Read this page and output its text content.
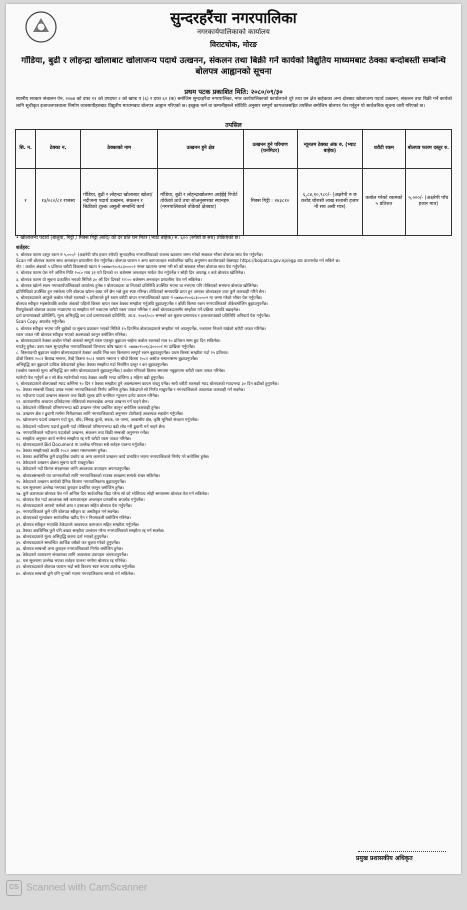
सुन्दरहरैंचा नगरपालिका
नगरकार्यपालिकाको कार्यालय
विराटचोक, मोरङ
गाँडिया, बुढी र लोहन्द्रा खोलाबाट खोलाजन्य पदार्थ उत्खनन, संकलन तथा बिक्री गर्ने कार्यको विद्युतिय माध्यमबाट ठेक्का बन्दोबस्ती सम्बन्धि बोलपत्र आह्वानको सूचना
प्रथम पटक प्रकाशित मिति: २०८०/०९/३०
स्थानीय सरकार संचालन ऐन, २०७४ को दफा ११ को उपदफा २ को खण्ड प (६) र दफा ६२ (क) बमोजिम सुन्दरहरैंचा नगरपालिका, नगर कार्यपालिकाको कार्यालयले धुरे तथा वन क्षेत्र बाहेकका अन्य क्षेत्रबाट खोलाजन्य पदार्थ उत्खनन, संकलन तथा बिक्री गर्ने कार्यको लागि सूचीकृत इजाजतपत्रवाला निर्माण व्यवसायीहरुबाट विद्युतीय माध्यमबाट बोलपत्र आह्वान गरिएको छ। इच्छुक फर्म वा कम्पनीहरुले सोविधि अनुसार सम्पूर्ण कागजातसहित तपसिल बमोजिम बोलपत्र पेश गर्नुहुन यो सार्वजनिक सूचना जारी गरिएको छ।
तपसिल
सि. न.	ठेक्का न.	ठेक्काको नाम	उत्खनन हुने क्षेत्र	उत्खनन हुने परिमाण (घनमिटर)	न्यूनतम ठेक्का अंक रु. (भ्याट बाहेक)	धरौटी रकम	बोलपत्र फारम दस्तुर रु.
१	१३/०८०/८१ राजस्व	गाँडिया, बुढी र लोहन्द्रा खोलाबाट खोला/नदीजन्य पदार्थ उत्खनन, संकलन र बिक्रीको शुल्क असुली सम्बन्धि कार्य	गाँडिया, बुढी र लोहन्द्राखोलामा आईईई रिपोर्ट तोकेको ठाउँ तथा सोअनुसारका स्थानहरु (नगरपालिकाले तोकेको क्षेत्रबाट)	मिक्स गिट्टी : २४३८१०	६,८४,१०,९८०/- (अक्षरेपी रु छ करोड चौरासी लाख सत्तासी हजार नौ सय असी मात्र)	कबोल गरेको रकमको ५ प्रतिशत	५,०००/- (अक्षरेपी पाँच हजार मात्र)
• खोलाजन्य पदार्थ (बालुवा, गिट्टी / मिक्स गिट्टी आदि) को दर प्रति घन मिटर (भ्याट बाहेक) रु. ६०० (रुपैयाँ छ सय) तोकिएको छ।
शर्तहरु:
१. बोलपत्र फारम दस्तुर रकम रु ५,०००/- (अक्षरेपी पाँच हजार रुपैयाँ) सुन्दरहरैंचा नगरपालिकाको राजस्व खातामा जम्मा गरेको सक्कल भौचर बोलपत्र साथ पेश गर्नुपर्नेछ।
Scan गरी बोलपत्र फाराम साथ अनलाइन प्रणालीमा पेश गर्नुपर्नेछ। बोलपत्र फाराम र अन्य कागजातहरु सार्वजनिक खरिद अनुगमन कार्यालयको वेबसाइट https://bolpatra.gov.np/egp बाट डाउनलोड गर्न सकिने छ।
नोट : कबोल अंकको ५ प्रतिशत धरौटी विकासको खाता नं ०७४७०२००६८३००००२ नम्बर खातामा जम्मा गरी सो को सक्कल भौचर बोलपत्र साथ पेश गर्नुपर्नेछ।
२. बोलपत्र फारम पेश गर्ने अन्तिम मिति २०८० माघ ३१ गते दिनको १२ बजेसम्म अनलाइन मार्फत पेश गर्नुपर्नेछ र सोही दिन अपराह्न १ बजे बोलपत्र खोलिनेछ।
३. बोलपत्र फारम यो सूचना प्रकाशित भएको मितिले ३० औं दिन दिनको १२:०० बजेसम्म अनलाइन प्रणालीमा पेश गर्न सकिनेछ।
४. बोलपत्र खोल्ने स्थान नगरकार्यपालिकाको कार्यालय हुनेछ र बोलपत्रदाता वा निजको प्रतिनिधि उपस्थित भएमा वा नभएमा पनि तोकिएको समयमा बोलपत्र खोलिनेछ।
प्रतिनिधिको उपस्थित हुन नसकेमा पनि बोलपत्र खोल्न बाधा पर्ने छैन भन्ने कुरा स्पष्ट गरिन्छ। तोकिएको समयपछि प्राप्त हुन आएका बोलपत्रहरु उपर कुनै कारबाही गरिने छैन।
५. बोलपत्रदाताले आफुले कबोल गरेको रकमको ५ प्रतिशतले हुने रकम धरौटी बापत नगरपालिकाको खाता नं ०७४७०२००६८३००००२ मा जम्मा गरेको भौचर पेश गर्नुपर्नेछ।
बोलपत्र स्वीकृत भइसकेपछि कबोल अंकको पहिलो किस्ता बापत रकम ठेक्का सम्झौता गर्नुअघि बुझाउनुपर्नेछ र बाँकी किस्ता रकम नगरपालिकाले तोकेबमोजिम बुझाउनुपर्नेछ।
रितपूर्वकको बोलपत्र जवाफ नपठाएमा वा सम्झौता गर्न नआएमा धरौटी रकम जफत गरिनेछ र अर्को बोलपत्रदातासँग सम्झौता गर्ने प्रक्रिया अगाडि बढाइनेछ।
दर्ता प्रमाणपत्रको प्रतिलिपि, मूल्य अभिवृद्धि कर दर्ता प्रमाणपत्रको प्रतिलिपि, आ.व. २०७९/०८० सम्मको कर चुक्ता प्रमाणपत्र र इजाजतपत्रको प्रतिलिपि अनिवार्य पेश गर्नुपर्नेछ।
Scan Copy अपलोड गर्नुपर्नेछ।
६. बोलपत्र स्वीकृत भएमा पनि बुझेको वा सुचना प्रकाशन भएको मितिले १५ दिनभित्र बोलपत्रदाताले सम्झौता गर्न आउनुपर्नेछ, नआएमा निजले राखेको धरौटी जफत गरिनेछ।
रकम जफत गरी बोलपत्र स्वीकृत भएको अवस्थाको कानुन बमोजिम गरिनेछ।
७. बोलपत्रदाताले ठेक्का कबोल गरेको अंकको सम्पूर्ण रकम एकमुष्ट बुझाउन चाहेमा कबोल रकमको मात्र १० प्रतिशत सम्म छुट दिन सकिनेछ।
गराउँनु हुनेछ। उक्त रकम सुन्दरहरैंचा नगरपालिकाको विभाज्य कोष खाता नं. ०७४७०२००६८३००००१ मा दाखिला गर्नुपर्नेछ।
८. किस्तावन्दी बुझाउन चाहेमा बोलपत्रदाताले ठेक्का अवधि भित्र चार किस्तामा सम्पूर्ण रकम बुझाउनुपर्नेछ। प्रथम किस्ता सम्झौता गर्दा २५ प्रतिशत।
दोस्रो किस्ता २०८१ बैशाख मसान्त, तेस्रो किस्ता २०८१ श्रावण मसान्त र चौथो किस्ता २०८१ असोज मसान्तसम्म बुझाउनुपर्नेछ।
अभिवृद्धि कर बुझाउने दायित्व ठेकेदारको हुनेछ। ठेक्का सम्झौता गर्दा निर्धारित दस्तुर र कर बुझाउनुपर्नेछ।
(कबोल रकमको मूल्य अभिवृद्धि कर समेत बोलपत्रदाताले बुझाउनुपर्नेछ।) कबोल गरिएको किस्ता समयमा नबुझाएमा धरौटी रकम जफत गरिनेछ।
ग्यारेन्टी पेश गर्नुपर्ने छ र सो बैंक ग्यारेन्टीको म्याद ठेक्का अवधि भन्दा कम्तिमा ३ महिना बढी हुनुपर्नेछ।
९. बोलपत्रदाताले बोलपत्रको म्याद कम्तिमा ९० दिन र ठेक्का सम्झौता हुने अवस्थासम्म कायम राख्नु पर्नेछ। साथै धरौटी रकमको म्याद बोलपत्रको म्यादभन्दा ३० दिन बढीको हुनुपर्नेछ।
१०. ठेक्का सम्बन्धी विवाद उत्पन्न भएमा नगरपालिकाको निर्णय अन्तिम हुनेछ। ठेकेदारले सो निर्णय मान्नुपर्नेछ र नगरपालिकाले आवश्यक कारबाही गर्न सक्नेछ।
११. नदीजन्य पदार्थ उत्खनन संकलन तथा बिक्री शुल्क प्रति घनमिटर न्यूनतम दररेट कायम गरिनेछ।
१२. वातावरणीय अध्ययन प्रतिवेदनमा तोकिएको स्थानबाहेक अन्यत्र उत्खनन गर्न पाइने छैन।
१३. ठेकेदारले तोकिएको परिमाणभन्दा बढी उत्खनन गरेमा प्रचलित कानुन बमोजिम कारबाही हुनेछ।
१४. उत्खनन क्षेत्र र ढुवानी मार्गमा निरीक्षणका लागि नगरपालिकाको अनुगमन टोलीलाई आवश्यक सहयोग गर्नुपर्नेछ।
१५. खोलाजन्य पदार्थ उत्खनन गर्दा पूल, बाँध, सिंचाइ कुलो, सडक, घर जग्गा, आवासीय क्षेत्र, कृषि भूमिको संरक्षण गर्नुपर्नेछ।
१६. ठेकेदारले नदीजन्य पदार्थ ढुवानी गर्दा तोकिएको परिमाणभन्दा बढी लोड गरी ढुवानी गर्न पाइने छैन।
१७. नगरपालिकाले नदीजन्य पदार्थको उत्खनन, संकलन तथा बिक्री सम्बन्धी अनुगमन गर्नेछ।
१८. सम्झौता अनुसार कार्य नगरेमा सम्झौता रद्द गरी धरौटी रकम जफत गरिनेछ।
१९. बोलपत्रदाताले Bid Document मा उल्लेख गरिएका सबै शर्तहरु पालना गर्नुपर्नेछ।
२०. ठेक्का सम्झौताको अवधि २०८१ असार मसान्तसम्म हुनेछ।
२१. ठेक्का अवधिभित्र कुनै प्राकृतिक प्रकोप वा अन्य कारणले उत्खनन कार्य प्रभावित भएमा नगरपालिकाले निर्णय गरे बमोजिम हुनेछ।
२२. ठेकेदारले उत्खनन क्षेत्रमा सूचना पाटी राख्नुपर्नेछ।
२३. ठेकेदारले नदी किनार संरक्षणका लागि आवश्यक उपायहरु अपनाउनुपर्नेछ।
२४. बोलपत्रसम्बन्धी थप जानकारीको लागि नगरपालिकाको राजस्व शाखामा सम्पर्क राख्न सकिनेछ।
२५. ठेकेदारले उत्खनन कार्यको दैनिक विवरण नगरपालिकामा बुझाउनुपर्नेछ।
२६. यस सूचनामा उल्लेख नभएका कुराहरु प्रचलित कानुन बमोजिम हुनेछ।
२७. कुनै कारणवश बोलपत्र पेश गर्ने अन्तिम दिन सार्वजनिक बिदा परेमा सो को भोलिपल्ट सोही समयसम्म बोलपत्र पेश गर्न सकिनेछ।
२८. बोलपत्र पेश गर्दा आवश्यक सबै कागजातहरु अनलाइन प्रणालीमा अपलोड गर्नुपर्नेछ।
२९. बोलपत्रदाताले आफ्नो फर्मको छाप र हस्ताक्षर सहित बोलपत्र पेश गर्नुपर्नेछ।
३०. नगरपालिकाले कुनै पनि बोलपत्र स्वीकृत वा अस्वीकृत गर्न सक्नेछ।
३१. बोलपत्रको मूल्यांकन सार्वजनिक खरिद ऐन र नियमावली बमोजिम गरिनेछ।
३२. बोलपत्र स्वीकृत भएपछि ठेकेदारले आवश्यक कागजात सहित सम्झौता गर्नुपर्नेछ।
३३. ठेक्का अवधिभित्र कुनै पनि बखत सम्झौता उल्लंघन गरेमा नगरपालिकाले सम्झौता रद्द गर्न सक्नेछ।
३४. बोलपत्रदाताले मूल्य अभिवृद्धि करमा दर्ता भएको हुनुपर्नेछ।
३५. बोलपत्रदाताले सम्बन्धित आर्थिक वर्षको कर चुक्ता गरेको हुनुपर्नेछ।
३६. बोलपत्र सम्बन्धी अन्य कुराहरु नगरपालिकाको निर्णय बमोजिम हुनेछ।
३७. ठेकेदारले वातावरण संरक्षणका लागि आवश्यक उपायहरु अपनाउनुपर्नेछ।
३८. यस सूचनामा उल्लेख भएका शर्तहरु पालना नगरेमा बोलपत्र रद्द गरिनेछ।
३९. बोलपत्रदाताले बोलपत्र फाराम भर्दा सबै विवरण स्पष्ट रूपमा उल्लेख गर्नुपर्नेछ।
४०. बोलपत्र सम्बन्धी कुनै पनि गुनासो भएमा नगरपालिकामा सम्पर्क गर्न सकिनेछ।
प्रमुख प्रशासकीय अधिकृत
CS Scanned with CamScanner
